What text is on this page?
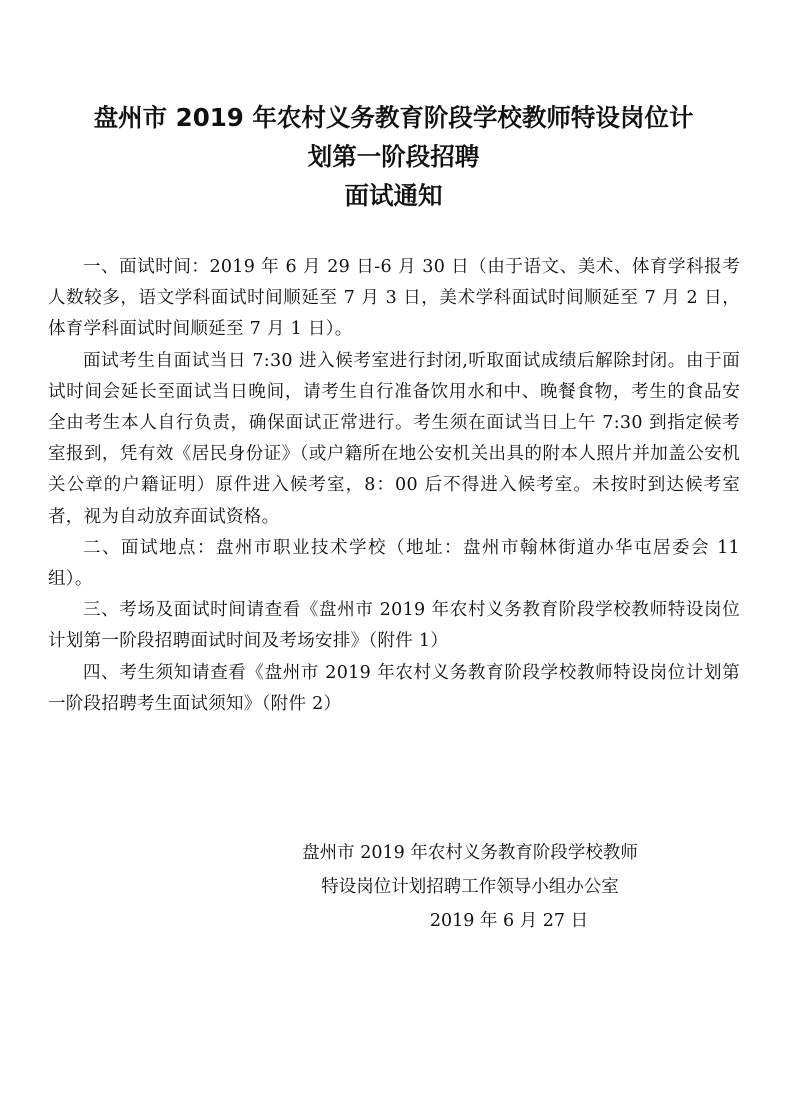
盘州市 2019 年农村义务教育阶段学校教师特设岗位计
划第一阶段招聘
面试通知

一、面试时间：2019 年 6 月 29 日-6 月 30 日（由于语文、美术、体育学科报考人数较多，语文学科面试时间顺延至 7 月 3 日，美术学科面试时间顺延至 7 月 2 日，体育学科面试时间顺延至 7 月 1 日）。

面试考生自面试当日 7:30 进入候考室进行封闭,听取面试成绩后解除封闭。由于面试时间会延长至面试当日晚间，请考生自行准备饮用水和中、晚餐食物，考生的食品安全由考生本人自行负责，确保面试正常进行。考生须在面试当日上午 7:30 到指定候考室报到，凭有效《居民身份证》（或户籍所在地公安机关出具的附本人照片并加盖公安机关公章的户籍证明）原件进入候考室，8：00 后不得进入候考室。未按时到达候考室者，视为自动放弃面试资格。

二、面试地点：盘州市职业技术学校（地址：盘州市翰林街道办华屯居委会 11 组）。

三、考场及面试时间请查看《盘州市 2019 年农村义务教育阶段学校教师特设岗位计划第一阶段招聘面试时间及考场安排》（附件 1）

四、考生须知请查看《盘州市 2019 年农村义务教育阶段学校教师特设岗位计划第一阶段招聘考生面试须知》（附件 2）

盘州市 2019 年农村义务教育阶段学校教师
特设岗位计划招聘工作领导小组办公室
2019 年 6 月 27 日
